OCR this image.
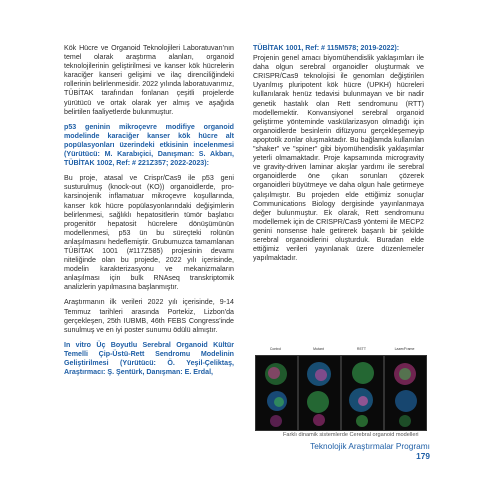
Kök Hücre ve Organoid Teknolojileri Laboratuvarı'nın temel olarak araştırma alanları, organoid teknolojilerinin geliştirilmesi ve kanser kök hücrelerin karaciğer kanseri gelişimi ve ilaç direnciliğindeki rollerinin belirlenmesidir. 2022 yılında laboratuvarımız, TÜBİTAK tarafından fonlanan çeşitli projelerde yürütücü ve ortak olarak yer almış ve aşağıda belirtilen faaliyetlerde bulunmuştur.

p53 geninin mikroçevre modifiye organoid modelinde karaciğer kanser kök hücre alt popülasyonları üzerindeki etkisinin incelenmesi (Yürütücü: M. Karabıçici, Danışman: S. Akbarı, TÜBİTAK 1002, Ref: # 221Z357; 2022-2023):

Bu proje, atasal ve Crispr/Cas9 ile p53 geni susturulmuş (knock-out (KO)) organoidlerde, pro-karsinojenik inflamatuar mikroçevre koşullarında, kanser kök hücre popülasyonlarındaki değişimlerin belirlenmesi, sağlıklı hepatositlerin tümör başlatıcı progenitör hepatosit hücrelere dönüşümünün modellenmesi, p53 ün bu süreçteki rolünün anlaşılmasını hedeflemiştir. Grubumuzca tamamlanan TÜBİTAK 1001 (#117Z585) projesinin devamı niteliğinde olan bu projede, 2022 yılı içerisinde, modelin karakterizasyonu ve mekanizmaların anlaşılması için bulk RNAseq transkriptomik analizlerin yapılmasına başlanmıştır.

Araştırmanın ilk verileri 2022 yılı içerisinde, 9-14 Temmuz tarihleri arasında Portekiz, Lizbon'da gerçekleşen, 25th IUBMB, 46th FEBS Congress'inde sunulmuş ve en iyi poster sunumu ödülü almıştır.

In vitro Üç Boyutlu Serebral Organoid Kültür Temelli Çip-Üstü-Rett Sendromu Modelinin Geliştirilmesi (Yürütücü: Ö. Yeşil-Çeliktaş, Araştırmacı: Ş. Şentürk, Danışman: E. Erdal,

TÜBİTAK 1001, Ref: # 115M578; 2019-2022):

Projenin genel amacı biyomühendislik yaklaşımları ile daha olgun serebral organoidler oluşturmak ve CRISPR/Cas9 teknolojisi ile genomları değiştirilen Uyarılmış pluripotent kök hücre (UPKH) hücreleri kullanılarak henüz tedavisi bulunmayan ve bir nadir genetik hastalık olan Rett sendromunu (RTT) modellemektir. Konvansiyonel serebral organoid geliştirme yönteminde vaskülarizasyon olmadığı için organoidlerde besinlerin difüzyonu gerçekleşemeyip apoptotik zonlar oluşmaktadır. Bu bağlamda kullanılan "shaker" ve "spiner" gibi biyomühendislik yaklaşımlar yeterli olmamaktadır. Proje kapsamında microgravity ve gravity-driven laminar akışlar yardımı ile serebral organoidlerde öne çıkan sorunları çözerek organoidleri büyütmeye ve daha olgun hale getirmeye çalışılmıştır. Bu projeden elde ettiğimiz sonuçlar Communications Biology dergisinde yayınlanmaya değer bulunmuştur. Ek olarak, Rett sendromunu modellemek için de CRISPR/Cas9 yöntemi ile MECP2 genini nonsense hale getirerek başarılı bir şekilde serebral organoidlerini oluşturduk. Buradan elde ettiğimiz verileri yayınlanak üzere düzenlemeler yapılmaktadır.

Control	Mutant	RETT	Lazer/Frame
Farklı dinamik sistemlerde Cerebral organoid modelleri
Teknolojik Araştırmalar Programı 179
